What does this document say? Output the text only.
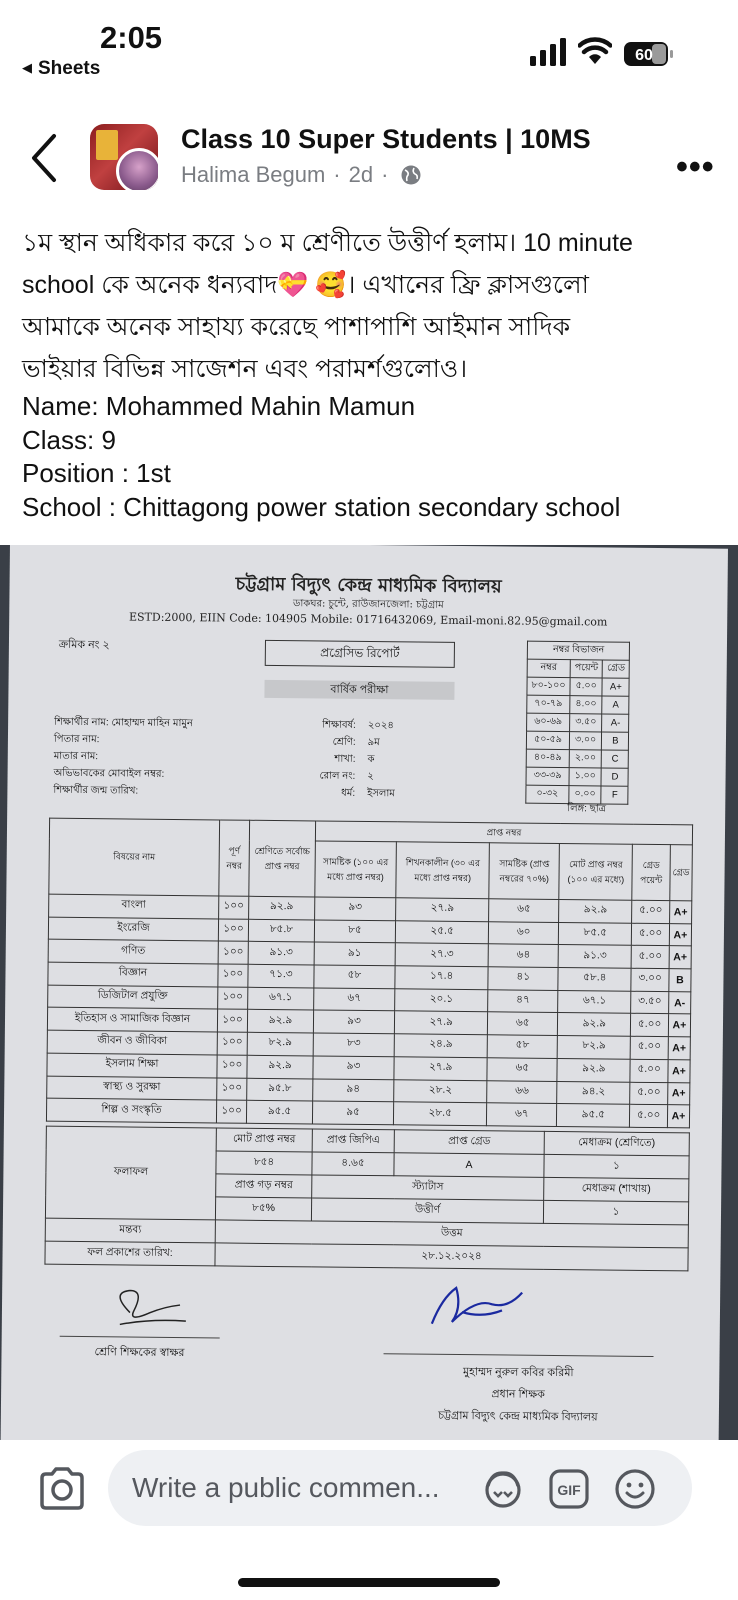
2:05
◀ Sheets
60
Class 10 Super Students | 10MS
Halima Begum · 2d ·	•••

১ম স্থান অধিকার করে ১০ ম শ্রেণীতে উত্তীর্ণ হলাম। 10 minute

school কে অনেক ধন্যবাদ💝 🥰। এখানের ফ্রি ক্লাসগুলো

আমাকে অনেক সাহায্য করেছে পাশাপাশি আইমান সাদিক

ভাইয়ার বিভিন্ন সাজেশন এবং পরামর্শগুলোও।

Name: Mohammed Mahin Mamun

Class: 9

Position : 1st

School : Chittagong power station secondary school

চট্টগ্রাম বিদ্যুৎ কেন্দ্র মাধ্যমিক বিদ্যালয়
ডাকঘর: চুন্টে, রাউজানজেলা: চট্টগ্রাম
ESTD:2000, EIIN Code: 104905 Mobile: 01716432069, Email-moni.82.95@gmail.com
ক্রমিক নং ২
প্রগ্রেসিভ রিপোর্ট
বার্ষিক পরীক্ষা
শিক্ষার্থীর নাম: মোহাম্মদ মাহিন মামুন
পিতার নাম:
মাতার নাম:
অভিভাবকের মোবাইল নম্বর:
শিক্ষার্থীর জন্ম তারিখ:
শিক্ষাবর্ষ: ২০২৪
শ্রেণি: ৯ম
শাখা: ক
রোল নং: ২
ধর্ম: ইসলাম
নম্বর বিভাজন		
নম্বর	পয়েন্ট	গ্রেড
৮০-১০০	৫.০০	A+
৭০-৭৯	৪.০০	A
৬০-৬৯	৩.৫০	A-
৫০-৫৯	৩.০০	B
৪০-৪৯	২.০০	C
৩৩-৩৯	১.০০	D
০-৩২	০.০০	F
লিঙ্গ: ছাত্র
বিষয়ের নাম	পূর্ণ নম্বর	শ্রেণিতে সর্বোচ্চ প্রাপ্ত নম্বর	প্রাপ্ত নম্বর					
			সামষ্টিক (১০০ এর মধ্যে প্রাপ্ত নম্বর)	শিখনকালীন (৩০ এর মধ্যে প্রাপ্ত নম্বর)	সামষ্টিক (প্রাপ্ত নম্বরের ৭০%)	মোট প্রাপ্ত নম্বর (১০০ এর মধ্যে)	গ্রেড পয়েন্ট	গ্রেড
বাংলা	১০০	৯২.৯	৯৩	২৭.৯	৬৫	৯২.৯	৫.০০	A+
ইংরেজি	১০০	৮৫.৮	৮৫	২৫.৫	৬০	৮৫.৫	৫.০০	A+
গণিত	১০০	৯১.৩	৯১	২৭.৩	৬৪	৯১.৩	৫.০০	A+
বিজ্ঞান	১০০	৭১.৩	৫৮	১৭.৪	৪১	৫৮.৪	৩.০০	B
ডিজিটাল প্রযুক্তি	১০০	৬৭.১	৬৭	২০.১	৪৭	৬৭.১	৩.৫০	A-
ইতিহাস ও সামাজিক বিজ্ঞান	১০০	৯২.৯	৯৩	২৭.৯	৬৫	৯২.৯	৫.০০	A+
জীবন ও জীবিকা	১০০	৮২.৯	৮৩	২৪.৯	৫৮	৮২.৯	৫.০০	A+
ইসলাম শিক্ষা	১০০	৯২.৯	৯৩	২৭.৯	৬৫	৯২.৯	৫.০০	A+
স্বাস্থ্য ও সুরক্ষা	১০০	৯৫.৮	৯৪	২৮.২	৬৬	৯৪.২	৫.০০	A+
শিল্প ও সংস্কৃতি	১০০	৯৫.৫	৯৫	২৮.৫	৬৭	৯৫.৫	৫.০০	A+
ফলাফল	মোট প্রাপ্ত নম্বর	প্রাপ্ত জিপিএ	প্রাপ্ত গ্রেড	মেধাক্রম (শ্রেণিতে)
	৮৫৪	৪.৬৫	A	১
	প্রাপ্ত গড় নম্বর	স্ট্যাটাস		মেধাক্রম (শাখায়)
	৮৫%	উত্তীর্ণ		১
মন্তব্য	উত্তম			
ফল প্রকাশের তারিখ:	২৮.১২.২০২৪			
শ্রেণি শিক্ষকের স্বাক্ষর
মুহাম্মদ নুরুল কবির করিমী
প্রধান শিক্ষক
চট্টগ্রাম বিদ্যুৎ কেন্দ্র মাধ্যমিক বিদ্যালয়
Write a public commen...	GIF
